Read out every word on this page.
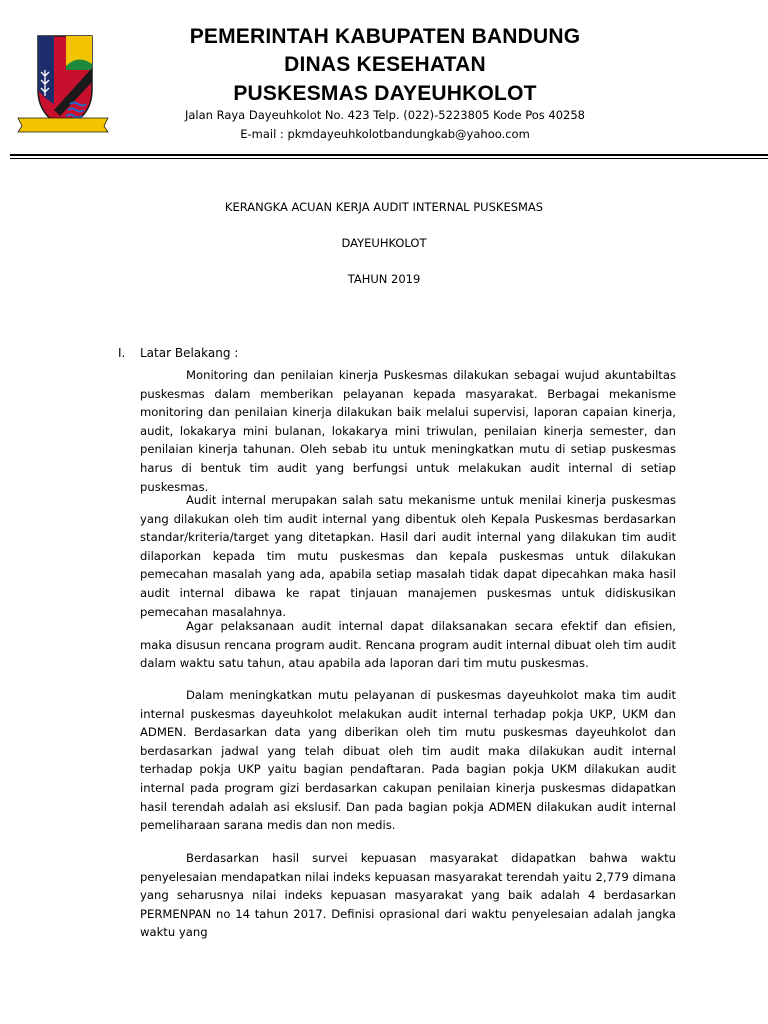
PEMERINTAH KABUPATEN BANDUNG
DINAS KESEHATAN
PUSKESMAS DAYEUHKOLOT
Jalan Raya Dayeuhkolot No. 423 Telp. (022)-5223805 Kode Pos 40258
E-mail : pkmdayeuhkolotbandungkab@yahoo.com
KERANGKA ACUAN KERJA AUDIT INTERNAL PUSKESMAS
DAYEUHKOLOT
TAHUN 2019
I. Latar Belakang :

Monitoring dan penilaian kinerja Puskesmas dilakukan sebagai wujud akuntabiltas puskesmas dalam memberikan pelayanan kepada masyarakat. Berbagai mekanisme monitoring dan penilaian kinerja dilakukan baik melalui supervisi, laporan capaian kinerja, audit, lokakarya mini bulanan, lokakarya mini triwulan, penilaian kinerja semester, dan penilaian kinerja tahunan. Oleh sebab itu untuk meningkatkan mutu di setiap puskesmas harus di bentuk tim audit yang berfungsi untuk melakukan audit internal di setiap puskesmas.

Audit internal merupakan salah satu mekanisme untuk menilai kinerja puskesmas yang dilakukan oleh tim audit internal yang dibentuk oleh Kepala Puskesmas berdasarkan standar/kriteria/target yang ditetapkan. Hasil dari audit internal yang dilakukan tim audit dilaporkan kepada tim mutu puskesmas dan kepala puskesmas untuk dilakukan pemecahan masalah yang ada, apabila setiap masalah tidak dapat dipecahkan maka hasil audit internal dibawa ke rapat tinjauan manajemen puskesmas untuk didiskusikan pemecahan masalahnya.

Agar pelaksanaan audit internal dapat dilaksanakan secara efektif dan efisien, maka disusun rencana program audit. Rencana program audit internal dibuat oleh tim audit dalam waktu satu tahun, atau apabila ada laporan dari tim mutu puskesmas.

Dalam meningkatkan mutu pelayanan di puskesmas dayeuhkolot maka tim audit internal puskesmas dayeuhkolot melakukan audit internal terhadap pokja UKP, UKM dan ADMEN. Berdasarkan data yang diberikan oleh tim mutu puskesmas dayeuhkolot dan berdasarkan jadwal yang telah dibuat oleh tim audit maka dilakukan audit internal terhadap pokja UKP yaitu bagian pendaftaran. Pada bagian pokja UKM dilakukan audit internal pada program gizi berdasarkan cakupan penilaian kinerja puskesmas didapatkan hasil terendah adalah asi ekslusif. Dan pada bagian pokja ADMEN dilakukan audit internal pemeliharaan sarana medis dan non medis.

Berdasarkan hasil survei kepuasan masyarakat didapatkan bahwa waktu penyelesaian mendapatkan nilai indeks kepuasan masyarakat terendah yaitu 2,779 dimana yang seharusnya nilai indeks kepuasan masyarakat yang baik adalah 4 berdasarkan PERMENPAN no 14 tahun 2017. Definisi oprasional dari waktu penyelesaian adalah jangka waktu yang
